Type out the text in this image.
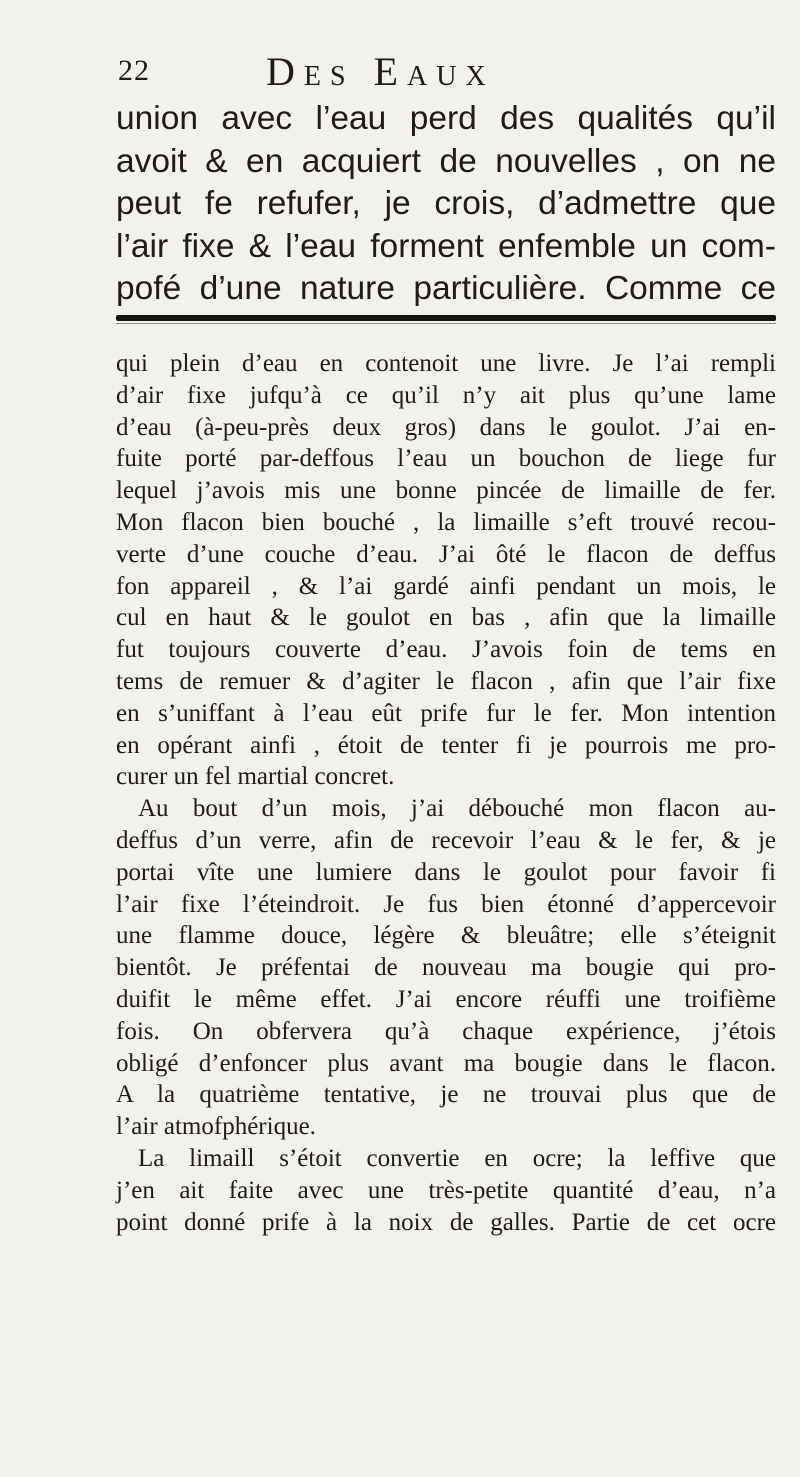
22	Des Eaux
union avec l’eau perd des qualités qu’il
avoit & en acquiert de nouvelles , on ne
peut fe refufer, je crois, d’admettre que
l’air fixe & l’eau forment enfemble un com-
pofé d’une nature particulière. Comme ce
qui plein d’eau en contenoit une livre. Je l’ai rempli
d’air fixe jufqu’à ce qu’il n’y ait plus qu’une lame
d’eau (à-peu-près deux gros) dans le goulot. J’ai en-
fuite porté par-deffous l’eau un bouchon de liege fur
lequel j’avois mis une bonne pincée de limaille de fer.
Mon flacon bien bouché , la limaille s’eft trouvé recou-
verte d’une couche d’eau. J’ai ôté le flacon de deffus
fon appareil , & l’ai gardé ainfi pendant un mois, le
cul en haut & le goulot en bas , afin que la limaille
fut toujours couverte d’eau. J’avois foin de tems en
tems de remuer & d’agiter le flacon , afin que l’air fixe
en s’uniffant à l’eau eût prife fur le fer. Mon intention
en opérant ainfi , étoit de tenter fi je pourrois me pro-
curer un fel martial concret.
Au bout d’un mois, j’ai débouché mon flacon au-
deffus d’un verre, afin de recevoir l’eau & le fer, & je
portai vîte une lumiere dans le goulot pour favoir fi
l’air fixe l’éteindroit. Je fus bien étonné d’appercevoir
une flamme douce, légère & bleuâtre; elle s’éteignit
bientôt. Je préfentai de nouveau ma bougie qui pro-
duifit le même effet. J’ai encore réuffi une troifième
fois. On obfervera qu’à chaque expérience, j’étois
obligé d’enfoncer plus avant ma bougie dans le flacon.
A la quatrième tentative, je ne trouvai plus que de
l’air atmofphérique.
La limaill s’étoit convertie en ocre; la leffive que
j’en ait faite avec une très-petite quantité d’eau, n’a
point donné prife à la noix de galles. Partie de cet ocre
